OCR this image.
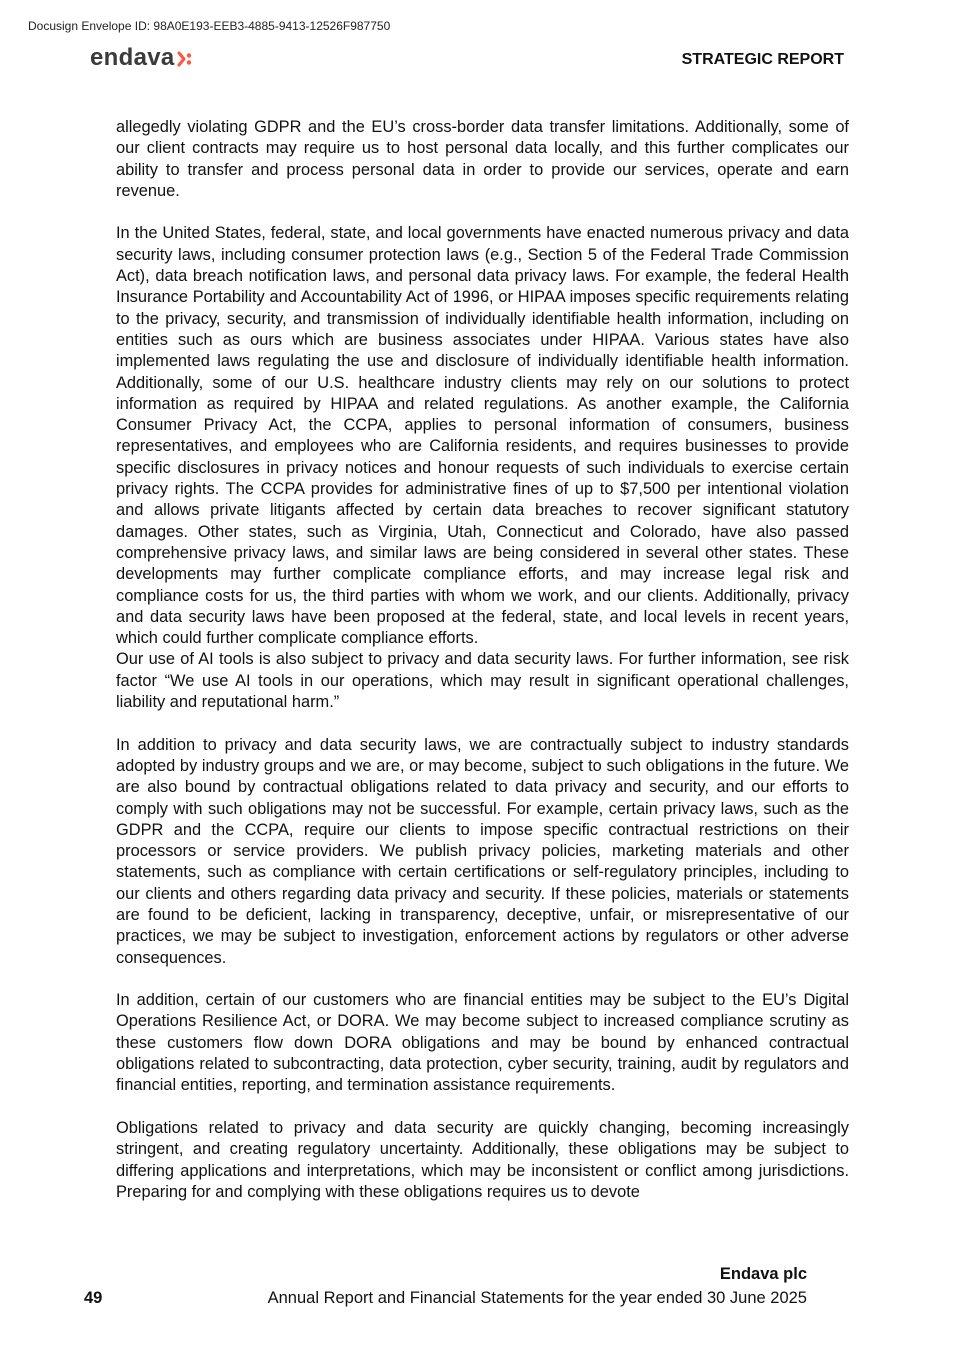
Docusign Envelope ID: 98A0E193-EEB3-4885-9413-12526F987750
endava	STRATEGIC REPORT

allegedly violating GDPR and the EU’s cross-border data transfer limitations. Additionally, some of our client contracts may require us to host personal data locally, and this further complicates our ability to transfer and process personal data in order to provide our services, operate and earn revenue.

In the United States, federal, state, and local governments have enacted numerous privacy and data security laws, including consumer protection laws (e.g., Section 5 of the Federal Trade Commission Act), data breach notification laws, and personal data privacy laws. For example, the federal Health Insurance Portability and Accountability Act of 1996, or HIPAA imposes specific requirements relating to the privacy, security, and transmission of individually identifiable health information, including on entities such as ours which are business associates under HIPAA. Various states have also implemented laws regulating the use and disclosure of individually identifiable health information. Additionally, some of our U.S. healthcare industry clients may rely on our solutions to protect information as required by HIPAA and related regulations. As another example, the California Consumer Privacy Act, the CCPA, applies to personal information of consumers, business representatives, and employees who are California residents, and requires businesses to provide specific disclosures in privacy notices and honour requests of such individuals to exercise certain privacy rights. The CCPA provides for administrative fines of up to $7,500 per intentional violation and allows private litigants affected by certain data breaches to recover significant statutory damages. Other states, such as Virginia, Utah, Connecticut and Colorado, have also passed comprehensive privacy laws, and similar laws are being considered in several other states. These developments may further complicate compliance efforts, and may increase legal risk and compliance costs for us, the third parties with whom we work, and our clients. Additionally, privacy and data security laws have been proposed at the federal, state, and local levels in recent years, which could further complicate compliance efforts.

Our use of AI tools is also subject to privacy and data security laws. For further information, see risk factor “We use AI tools in our operations, which may result in significant operational challenges, liability and reputational harm.”

In addition to privacy and data security laws, we are contractually subject to industry standards adopted by industry groups and we are, or may become, subject to such obligations in the future. We are also bound by contractual obligations related to data privacy and security, and our efforts to comply with such obligations may not be successful. For example, certain privacy laws, such as the GDPR and the CCPA, require our clients to impose specific contractual restrictions on their processors or service providers. We publish privacy policies, marketing materials and other statements, such as compliance with certain certifications or self-regulatory principles, including to our clients and others regarding data privacy and security. If these policies, materials or statements are found to be deficient, lacking in transparency, deceptive, unfair, or misrepresentative of our practices, we may be subject to investigation, enforcement actions by regulators or other adverse consequences.

In addition, certain of our customers who are financial entities may be subject to the EU’s Digital Operations Resilience Act, or DORA. We may become subject to increased compliance scrutiny as these customers flow down DORA obligations and may be bound by enhanced contractual obligations related to subcontracting, data protection, cyber security, training, audit by regulators and financial entities, reporting, and termination assistance requirements.

Obligations related to privacy and data security are quickly changing, becoming increasingly stringent, and creating regulatory uncertainty. Additionally, these obligations may be subject to differing applications and interpretations, which may be inconsistent or conflict among jurisdictions. Preparing for and complying with these obligations requires us to devote

Endava plc
49	Annual Report and Financial Statements for the year ended 30 June 2025
